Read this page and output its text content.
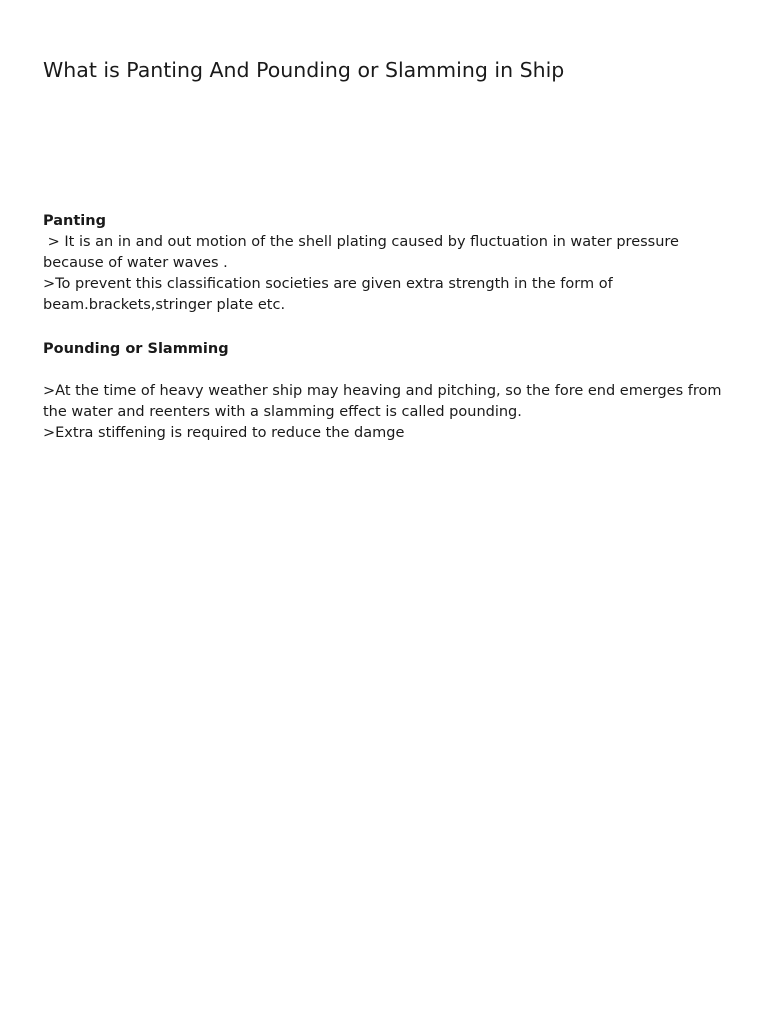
What is Panting And Pounding or Slamming in Ship

Panting

> It is an in and out motion of the shell plating caused by fluctuation in water pressure because of water waves .

>To prevent this classification societies are given extra strength in the form of beam.brackets,stringer plate etc.

Pounding or Slamming

>At the time of heavy weather ship may heaving and pitching, so the fore end emerges from the water and reenters with a slamming effect is called pounding.

>Extra stiffening is required to reduce the damge
